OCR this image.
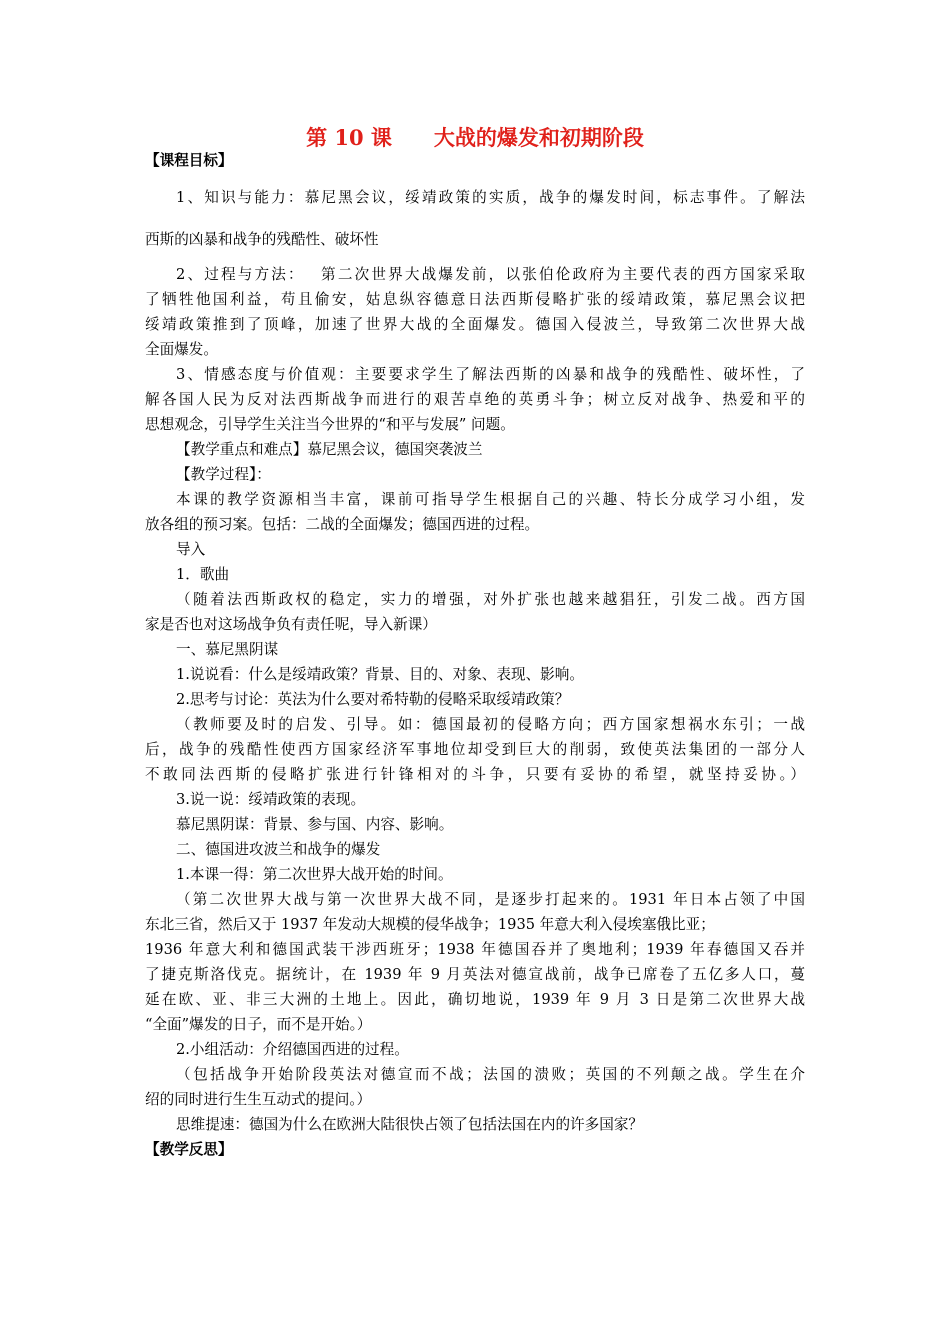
第 10 课　　大战的爆发和初期阶段
【课程目标】
1、知识与能力：慕尼黑会议，绥靖政策的实质，战争的爆发时间，标志事件。了解法
西斯的凶暴和战争的残酷性、破坏性
2、过程与方法：　 第二次世界大战爆发前，以张伯伦政府为主要代表的西方国家采取
了牺牲他国利益，苟且偷安，姑息纵容德意日法西斯侵略扩张的绥靖政策，慕尼黑会议把
绥靖政策推到了顶峰，加速了世界大战的全面爆发。德国入侵波兰，导致第二次世界大战
全面爆发。
3、情感态度与价值观：主要要求学生了解法西斯的凶暴和战争的残酷性、破坏性，了
解各国人民为反对法西斯战争而进行的艰苦卓绝的英勇斗争；树立反对战争、热爱和平的
思想观念，引导学生关注当今世界的“和平与发展” 问题。
【教学重点和难点】慕尼黑会议，德国突袭波兰
【教学过程】：
本课的教学资源相当丰富，课前可指导学生根据自己的兴趣、特长分成学习小组，发
放各组的预习案。包括：二战的全面爆发；德国西进的过程。
导入
1．歌曲
（随着法西斯政权的稳定，实力的增强，对外扩张也越来越猖狂，引发二战。西方国
家是否也对这场战争负有责任呢，导入新课）
一、慕尼黑阴谋
1.说说看：什么是绥靖政策？背景、目的、对象、表现、影响。
2.思考与讨论：英法为什么要对希特勒的侵略采取绥靖政策？
（教师要及时的启发、引导。如：德国最初的侵略方向；西方国家想祸水东引；一战
后，战争的残酷性使西方国家经济军事地位却受到巨大的削弱，致使英法集团的一部分人
不敢同法西斯的侵略扩张进行针锋相对的斗争，只要有妥协的希望，就坚持妥协。）
3.说一说：绥靖政策的表现。
慕尼黑阴谋：背景、参与国、内容、影响。
二、德国进攻波兰和战争的爆发
1.本课一得：第二次世界大战开始的时间。
（第二次世界大战与第一次世界大战不同，是逐步打起来的。1931 年日本占领了中国
东北三省，然后又于 1937 年发动大规模的侵华战争；1935 年意大利入侵埃塞俄比亚；
1936 年意大利和德国武装干涉西班牙；1938 年德国吞并了奥地利；1939 年春德国又吞并
了捷克斯洛伐克。据统计，在 1939 年 9 月英法对德宣战前，战争已席卷了五亿多人口，蔓
延在欧、亚、非三大洲的土地上。因此，确切地说，1939 年 9 月 3 日是第二次世界大战
“全面”爆发的日子，而不是开始。）
2.小组活动：介绍德国西进的过程。
（包括战争开始阶段英法对德宣而不战；法国的溃败；英国的不列颠之战。学生在介
绍的同时进行生生互动式的提问。）
思维提速：德国为什么在欧洲大陆很快占领了包括法国在内的许多国家？
【教学反思】
